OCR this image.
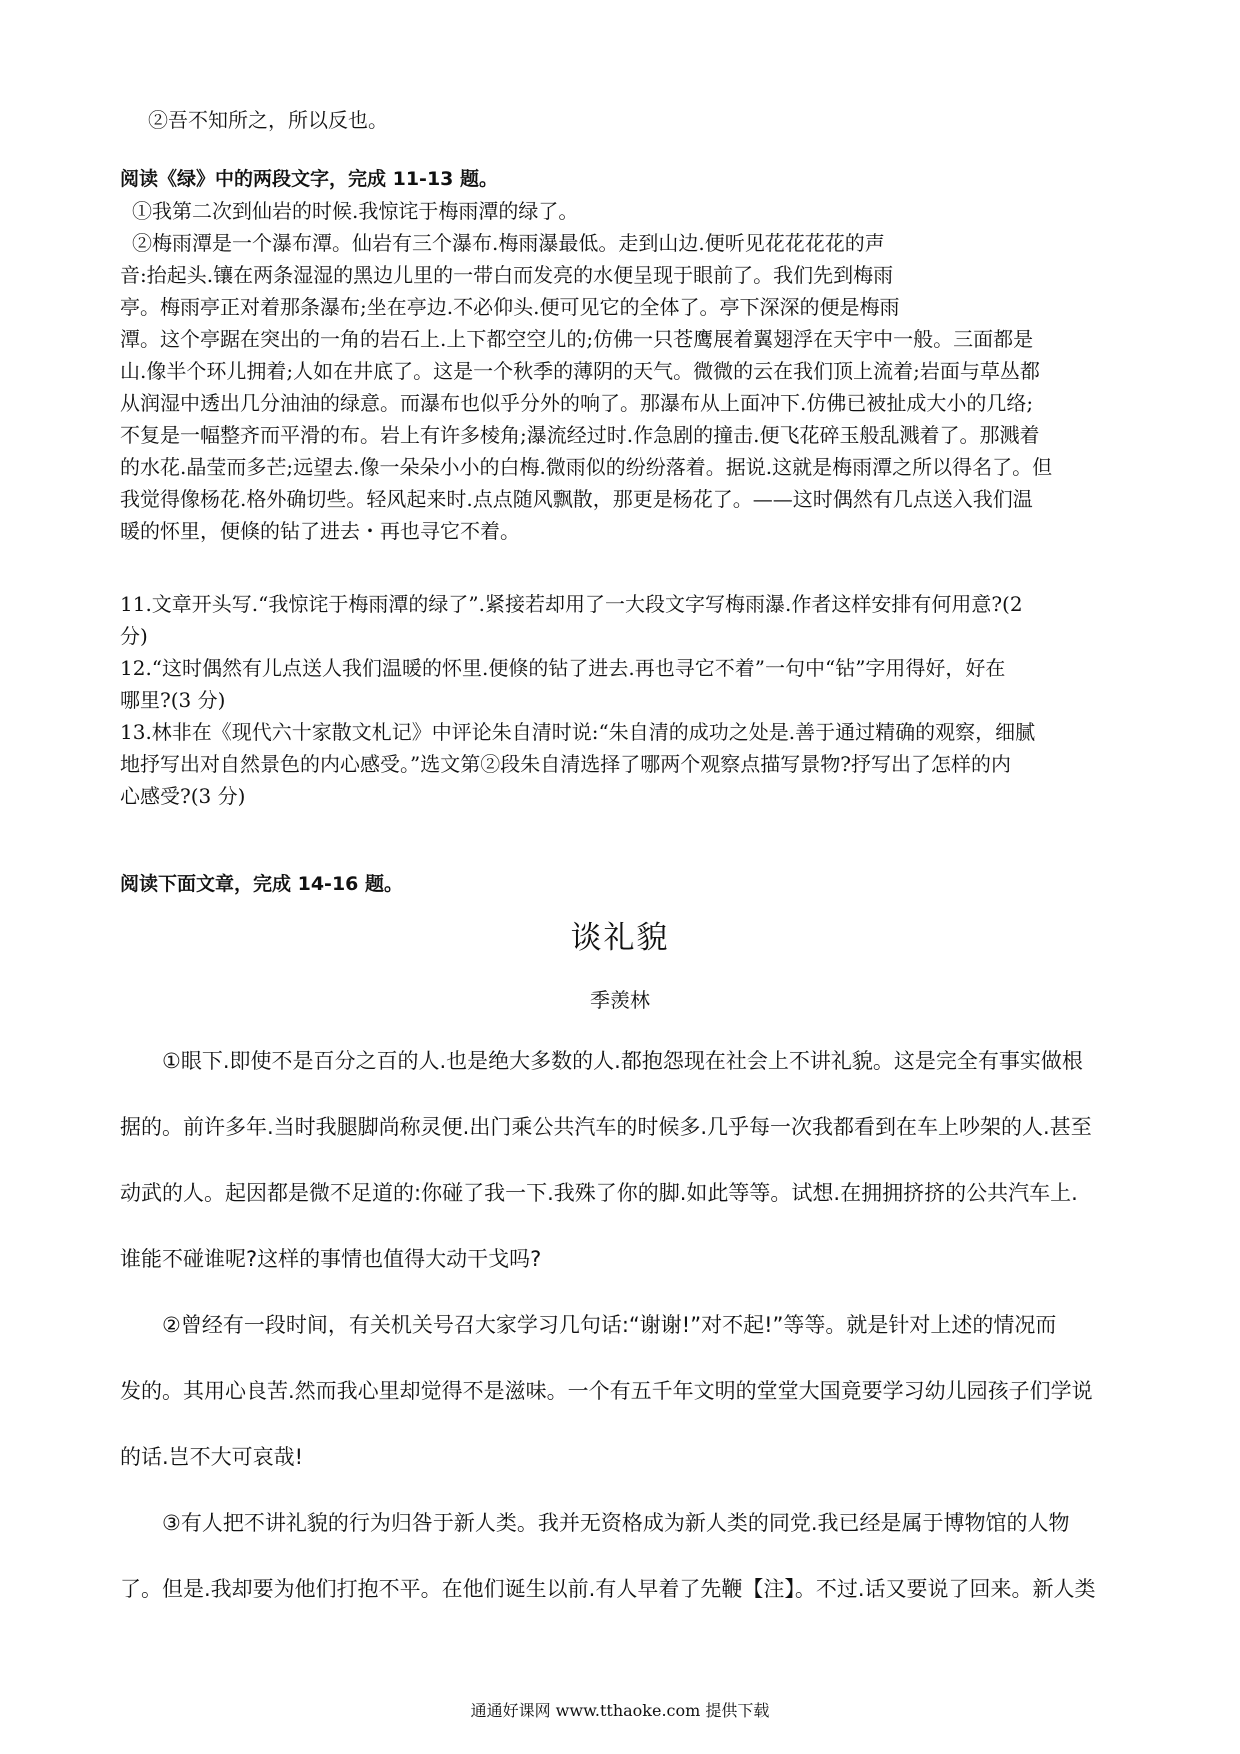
②吾不知所之，所以反也。
阅读《绿》中的两段文字，完成 11-13 题。
①我第二次到仙岩的时候.我惊诧于梅雨潭的绿了。
②梅雨潭是一个瀑布潭。仙岩有三个瀑布.梅雨瀑最低。走到山边.便听见花花花花的声
音:抬起头.镶在两条湿湿的黑边儿里的一带白而发亮的水便呈现于眼前了。我们先到梅雨
亭。梅雨亭正对着那条瀑布;坐在亭边.不必仰头.便可见它的全体了。亭下深深的便是梅雨
潭。这个亭踞在突出的一角的岩石上.上下都空空儿的;仿佛一只苍鹰展着翼翅浮在天宇中一般。三面都是
山.像半个环儿拥着;人如在井底了。这是一个秋季的薄阴的天气。微微的云在我们顶上流着;岩面与草丛都
从润湿中透出几分油油的绿意。而瀑布也似乎分外的响了。那瀑布从上面冲下.仿佛已被扯成大小的几络;
不复是一幅整齐而平滑的布。岩上有许多棱角;瀑流经过时.作急剧的撞击.便飞花碎玉般乱溅着了。那溅着
的水花.晶莹而多芒;远望去.像一朵朵小小的白梅.微雨似的纷纷落着。据说.这就是梅雨潭之所以得名了。但
我觉得像杨花.格外确切些。轻风起来时.点点随风飘散，那更是杨花了。——这时偶然有几点送入我们温
暖的怀里，便倏的钻了进去・再也寻它不着。
11.文章开头写.“我惊诧于梅雨潭的绿了”.紧接若却用了一大段文字写梅雨瀑.作者这样安排有何用意?(2
分)
12.“这时偶然有儿点送人我们温暖的怀里.便倏的钻了进去.再也寻它不着”一句中“钻”字用得好，好在
哪里?(3 分)
13.林非在《现代六十家散文札记》中评论朱自清时说:“朱自清的成功之处是.善于通过精确的观察，细腻
地抒写出对自然景色的内心感受。”选文第②段朱自清选择了哪两个观察点描写景物?抒写出了怎样的内
心感受?(3 分)
阅读下面文章，完成 14-16 题。
谈礼貌
季羡林
①眼下.即使不是百分之百的人.也是绝大多数的人.都抱怨现在社会上不讲礼貌。这是完全有事实做根
据的。前许多年.当时我腿脚尚称灵便.出门乘公共汽车的时候多.几乎每一次我都看到在车上吵架的人.甚至
动武的人。起因都是微不足道的:你碰了我一下.我殊了你的脚.如此等等。试想.在拥拥挤挤的公共汽车上.
谁能不碰谁呢?这样的事情也值得大动干戈吗?
②曾经有一段时间，有关机关号召大家学习几句话:“谢谢!”对不起!”等等。就是针对上述的情况而
发的。其用心良苦.然而我心里却觉得不是滋味。一个有五千年文明的堂堂大国竟要学习幼儿园孩子们学说
的话.岂不大可哀哉!
③有人把不讲礼貌的行为归咎于新人类。我并无资格成为新人类的同党.我已经是属于博物馆的人物
了。但是.我却要为他们打抱不平。在他们诞生以前.有人早着了先鞭【注】。不过.话又要说了回来。新人类
通通好课网 www.tthaoke.com 提供下载
